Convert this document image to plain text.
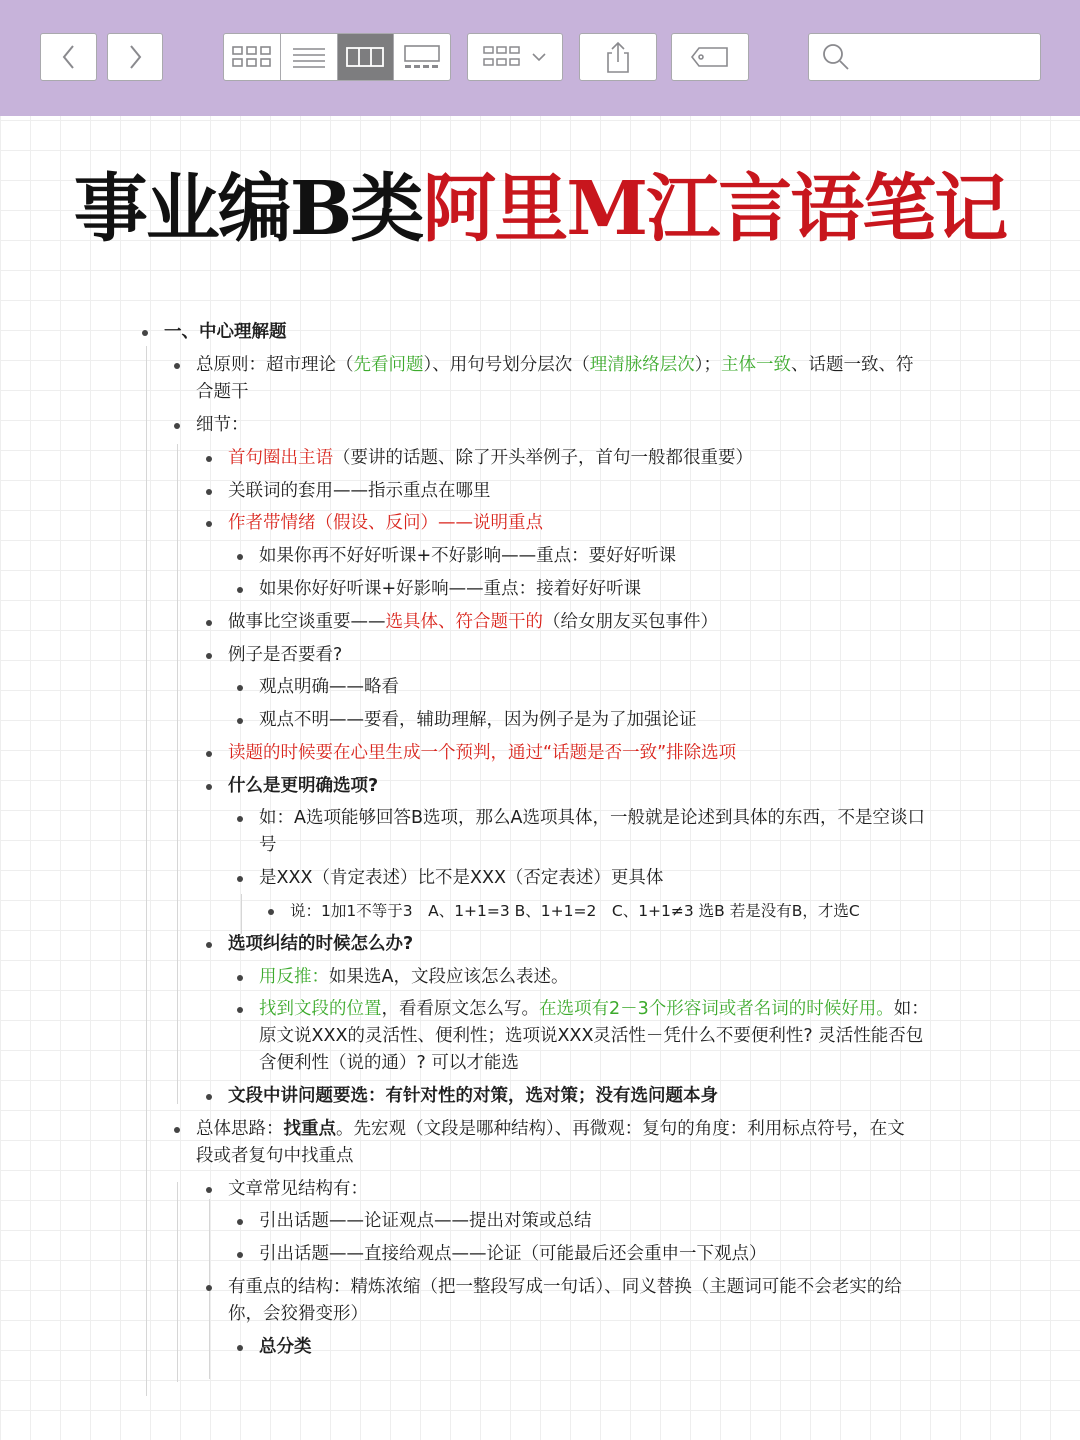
事业编B类阿里M江言语笔记
一、中心理解题
总原则：超市理论（先看问题）、用句号划分层次（理清脉络层次）；主体一致、话题一致、符合题干
细节：
首句圈出主语（要讲的话题、除了开头举例子，首句一般都很重要）
关联词的套用——指示重点在哪里
作者带情绪（假设、反问）——说明重点
如果你再不好好听课+不好影响——重点：要好好听课
如果你好好听课+好影响——重点：接着好好听课
做事比空谈重要——选具体、符合题干的（给女朋友买包事件）
例子是否要看?
观点明确——略看
观点不明——要看，辅助理解，因为例子是为了加强论证
读题的时候要在心里生成一个预判，通过“话题是否一致”排除选项
什么是更明确选项?
如：A选项能够回答B选项，那么A选项具体，一般就是论述到具体的东西，不是空谈口号
是XXX（肯定表述）比不是XXX（否定表述）更具体
说：1加1不等于3　A、1+1=3 B、1+1=2　C、1+1≠3 选B 若是没有B，才选C
选项纠结的时候怎么办?
用反推：如果选A，文段应该怎么表述。
找到文段的位置，看看原文怎么写。在选项有2－3个形容词或者名词的时候好用。如：原文说XXX的灵活性、便利性；选项说XXX灵活性－凭什么不要便利性? 灵活性能否包含便利性（说的通）? 可以才能选
文段中讲问题要选：有针对性的对策，选对策；没有选问题本身
总体思路：找重点。先宏观（文段是哪种结构）、再微观：复句的角度：利用标点符号，在文段或者复句中找重点
文章常见结构有：
引出话题——论证观点——提出对策或总结
引出话题——直接给观点——论证（可能最后还会重申一下观点）
有重点的结构：精炼浓缩（把一整段写成一句话）、同义替换（主题词可能不会老实的给你，会狡猾变形）
总分类
